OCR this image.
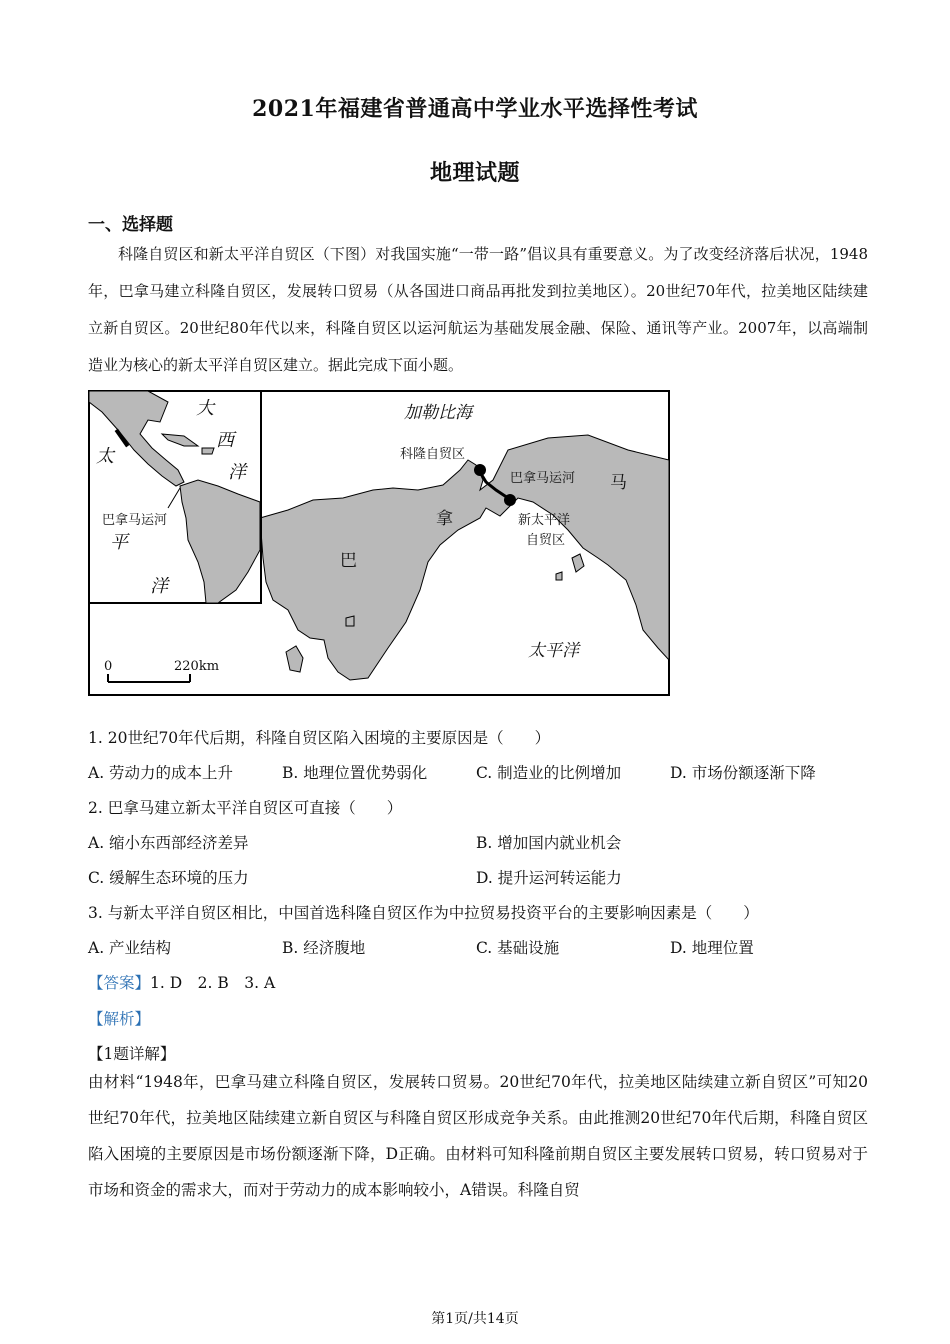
2021年福建省普通高中学业水平选择性考试
地理试题
一、选择题
科隆自贸区和新太平洋自贸区（下图）对我国实施“一带一路”倡议具有重要意义。为了改变经济落后状况，1948年，巴拿马建立科隆自贸区，发展转口贸易（从各国进口商品再批发到拉美地区）。20世纪70年代，拉美地区陆续建立新自贸区。20世纪80年代以来，科隆自贸区以运河航运为基础发展金融、保险、通讯等产业。2007年，以高端制造业为核心的新太平洋自贸区建立。据此完成下面小题。
大
西
洋
太
平
洋
巴拿马运河
加勒比海
科隆自贸区
巴拿马运河
巴
拿
马
新太平洋
自贸区
太平洋
0	220km
1. 20世纪70年代后期，科隆自贸区陷入困境的主要原因是（　　）
A. 劳动力的成本上升	B. 地理位置优势弱化	C. 制造业的比例增加	D. 市场份额逐渐下降
2. 巴拿马建立新太平洋自贸区可直接（　　）
A. 缩小东西部经济差异	B. 增加国内就业机会
C. 缓解生态环境的压力	D. 提升运河转运能力
3. 与新太平洋自贸区相比，中国首选科隆自贸区作为中拉贸易投资平台的主要影响因素是（　　）
A. 产业结构	B. 经济腹地	C. 基础设施	D. 地理位置
【答案】1. D　2. B　3. A
【解析】
【1题详解】
由材料“1948年，巴拿马建立科隆自贸区，发展转口贸易。20世纪70年代，拉美地区陆续建立新自贸区”可知20世纪70年代，拉美地区陆续建立新自贸区与科隆自贸区形成竞争关系。由此推测20世纪70年代后期，科隆自贸区陷入困境的主要原因是市场份额逐渐下降，D正确。由材料可知科隆前期自贸区主要发展转口贸易，转口贸易对于市场和资金的需求大，而对于劳动力的成本影响较小，A错误。科隆自贸
第1页/共14页
